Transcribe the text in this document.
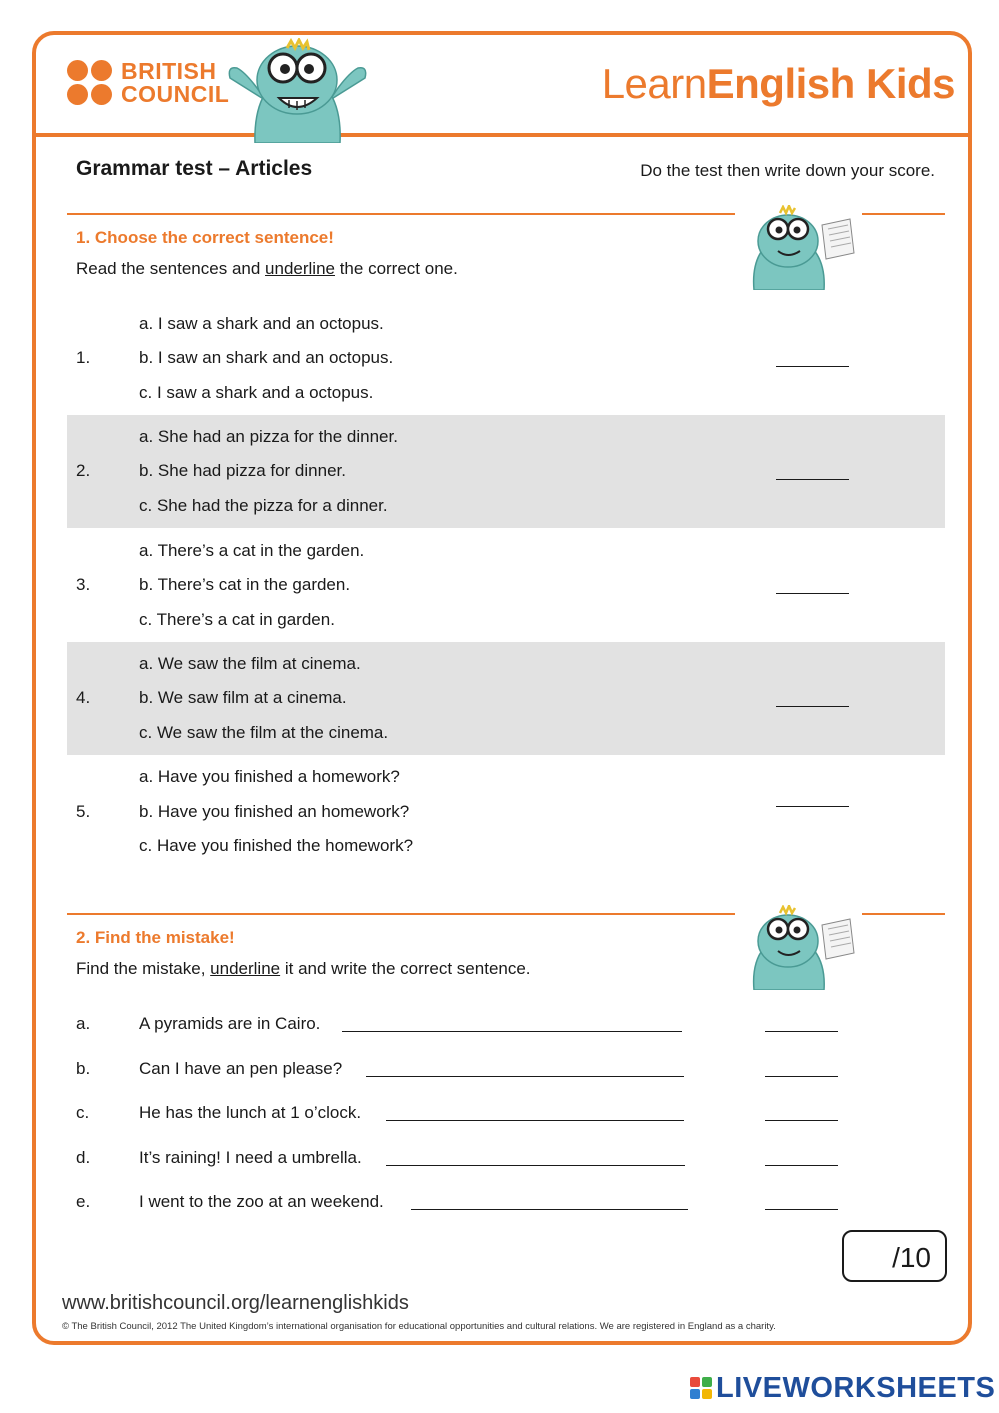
BRITISH
COUNCIL	LearnEnglish Kids
Grammar test – Articles	Do the test then write down your score.
1. Choose the correct sentence!
Read the sentences and underline the correct one.
1.
a. I saw a shark and an octopus.
b. I saw an shark and an octopus.
c. I saw a shark and a octopus.
2.
a. She had an pizza for the dinner.
b. She had pizza for dinner.
c. She had the pizza for a dinner.
3.
a. There’s a cat in the garden.
b. There’s cat in the garden.
c. There’s a cat in garden.
4.
a. We saw the film at cinema.
b. We saw film at a cinema.
c. We saw the film at the cinema.
5.
a. Have you finished a homework?
b. Have you finished an homework?
c. Have you finished the homework?
2. Find the mistake!
Find the mistake, underline it and write the correct sentence.
a.	A pyramids are in Cairo.
b.	Can I have an pen please?
c.	He has the lunch at 1 o’clock.
d.	It’s raining! I need a umbrella.
e.	I went to the zoo at an weekend.
/10
www.britishcouncil.org/learnenglishkids
© The British Council, 2012 The United Kingdom’s international organisation for educational opportunities and cultural relations. We are registered in England as a charity.
LIVEWORKSHEETS
